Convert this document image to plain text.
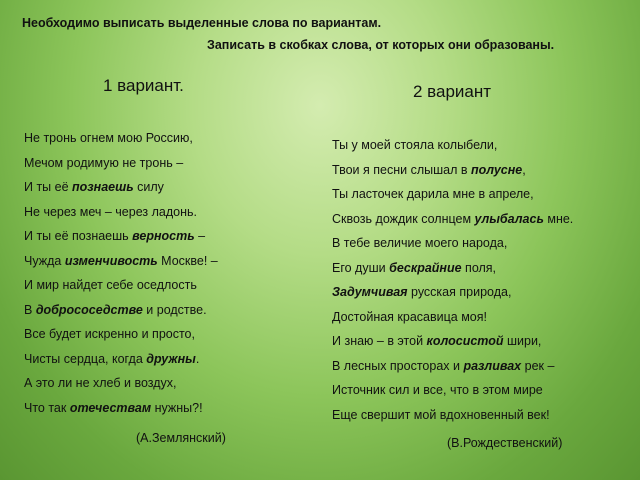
Необходимо выписать выделенные слова по вариантам.
Записать в скобках слова, от которых они образованы.
1 вариант.	2 вариант
Не тронь огнем мою Россию,
Мечом родимую не тронь –
И ты её познаешь силу
Не через меч – через ладонь.
И ты её познаешь верность –
Чужда изменчивость Москве! –
И мир найдет себе оседлость
В добрососедстве и родстве.
Все будет искренно и просто,
Чисты сердца, когда дружны.
А это ли не хлеб и воздух,
Что так отечествам нужны?!
(А.Землянский)
Ты у моей стояла колыбели,
Твои я песни слышал в полусне,
Ты ласточек дарила мне в апреле,
Сквозь дождик солнцем улыбалась мне.
В тебе величие моего народа,
Его души бескрайние поля,
Задумчивая русская природа,
Достойная красавица моя!
И знаю – в этой колосистой шири,
В лесных просторах и разливах рек –
Источник сил и все, что в этом мире
Еще свершит мой вдохновенный век!
(В.Рождественский)
